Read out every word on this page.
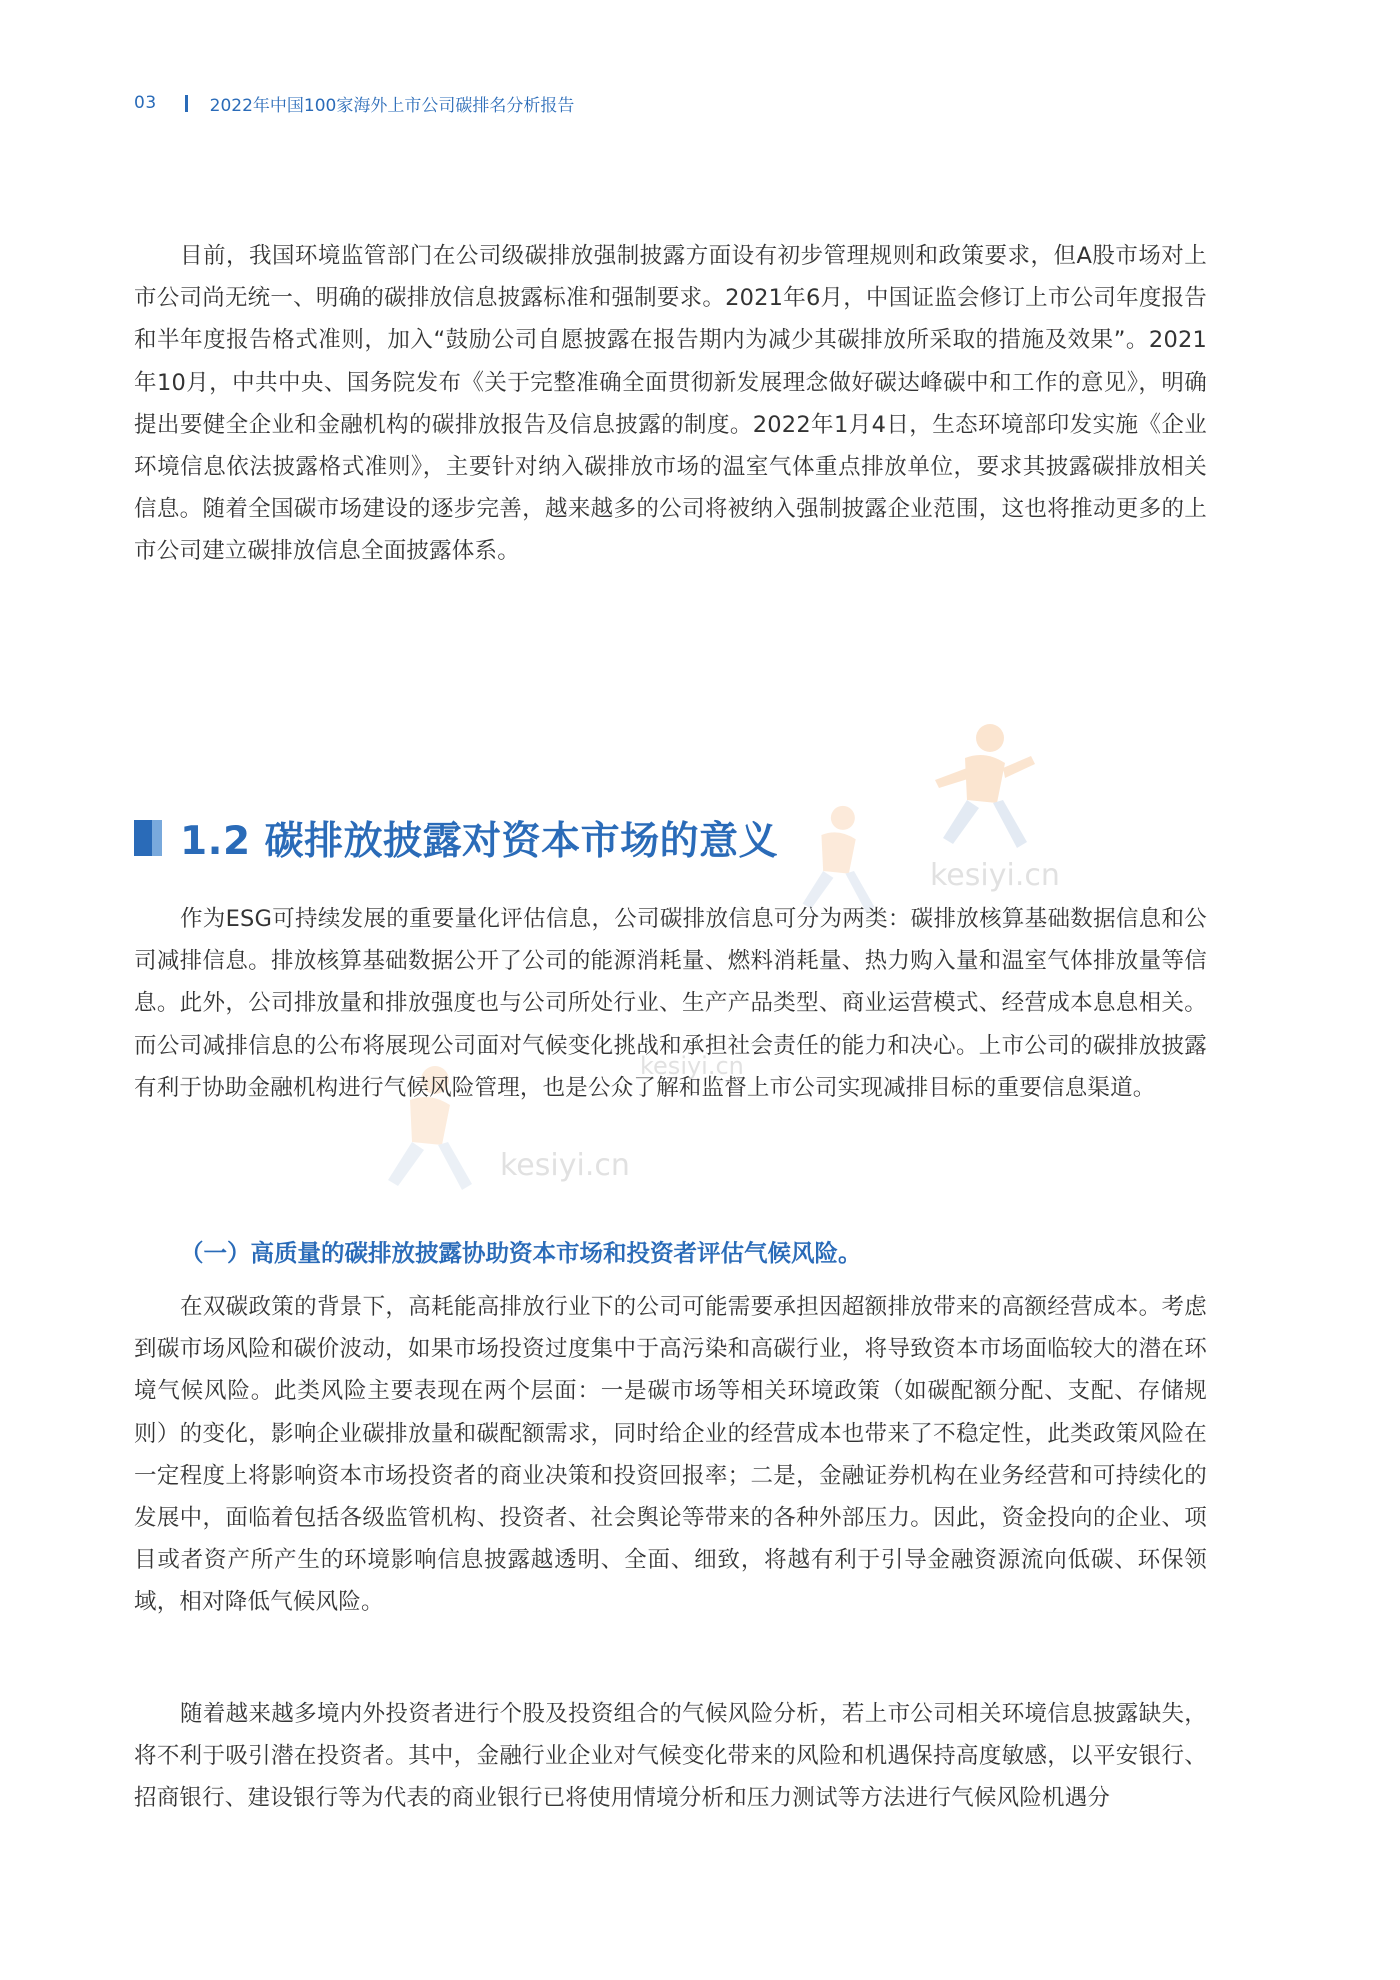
03	2022年中国100家海外上市公司碳排名分析报告
kesiyi.cn
kesiyi.cn
kesiyi.cn

目前，我国环境监管部门在公司级碳排放强制披露方面设有初步管理规则和政策要求，但A股市场对上市公司尚无统一、明确的碳排放信息披露标准和强制要求。2021年6月，中国证监会修订上市公司年度报告和半年度报告格式准则，加入“鼓励公司自愿披露在报告期内为减少其碳排放所采取的措施及效果”。2021年10月，中共中央、国务院发布《关于完整准确全面贯彻新发展理念做好碳达峰碳中和工作的意见》，明确提出要健全企业和金融机构的碳排放报告及信息披露的制度。2022年1月4日，生态环境部印发实施《企业环境信息依法披露格式准则》，主要针对纳入碳排放市场的温室气体重点排放单位，要求其披露碳排放相关信息。随着全国碳市场建设的逐步完善，越来越多的公司将被纳入强制披露企业范围，这也将推动更多的上市公司建立碳排放信息全面披露体系。

1.2 碳排放披露对资本市场的意义

作为ESG可持续发展的重要量化评估信息，公司碳排放信息可分为两类：碳排放核算基础数据信息和公司减排信息。排放核算基础数据公开了公司的能源消耗量、燃料消耗量、热力购入量和温室气体排放量等信息。此外，公司排放量和排放强度也与公司所处行业、生产产品类型、商业运营模式、经营成本息息相关。而公司减排信息的公布将展现公司面对气候变化挑战和承担社会责任的能力和决心。上市公司的碳排放披露有利于协助金融机构进行气候风险管理，也是公众了解和监督上市公司实现减排目标的重要信息渠道。

（一）高质量的碳排放披露协助资本市场和投资者评估气候风险。

在双碳政策的背景下，高耗能高排放行业下的公司可能需要承担因超额排放带来的高额经营成本。考虑到碳市场风险和碳价波动，如果市场投资过度集中于高污染和高碳行业，将导致资本市场面临较大的潜在环境气候风险。此类风险主要表现在两个层面：一是碳市场等相关环境政策（如碳配额分配、支配、存储规则）的变化，影响企业碳排放量和碳配额需求，同时给企业的经营成本也带来了不稳定性，此类政策风险在一定程度上将影响资本市场投资者的商业决策和投资回报率；二是，金融证券机构在业务经营和可持续化的发展中，面临着包括各级监管机构、投资者、社会舆论等带来的各种外部压力。因此，资金投向的企业、项目或者资产所产生的环境影响信息披露越透明、全面、细致，将越有利于引导金融资源流向低碳、环保领域，相对降低气候风险。

随着越来越多境内外投资者进行个股及投资组合的气候风险分析，若上市公司相关环境信息披露缺失，将不利于吸引潜在投资者。其中，金融行业企业对气候变化带来的风险和机遇保持高度敏感，以平安银行、招商银行、建设银行等为代表的商业银行已将使用情境分析和压力测试等方法进行气候风险机遇分
